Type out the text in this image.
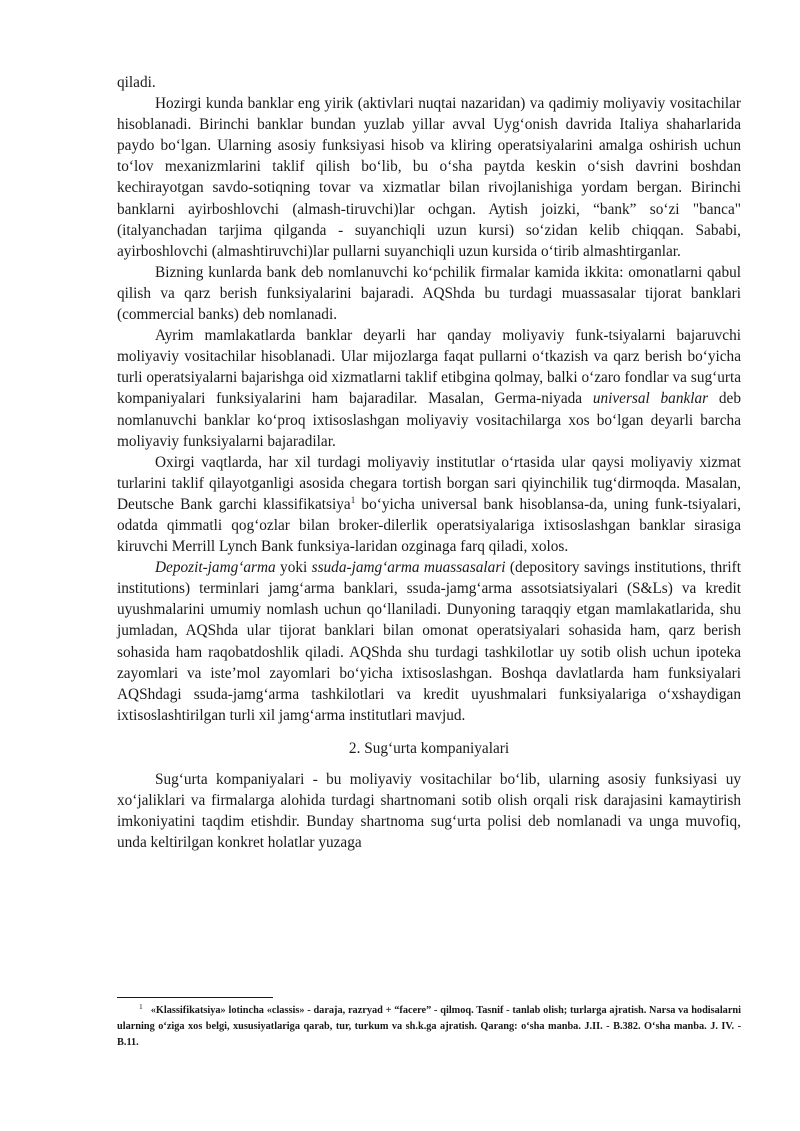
qiladi.

Hozirgi kunda banklar eng yirik (aktivlari nuqtai nazaridan) va qadimiy moliyaviy vositachilar hisoblanadi. Birinchi banklar bundan yuzlab yillar avval Uygʻonish davrida Italiya shaharlarida paydo boʻlgan. Ularning asosiy funksiyasi hisob va kliring operatsiyalarini amalga oshirish uchun toʻlov mexanizmlarini taklif qilish boʻlib, bu oʻsha paytda keskin oʻsish davrini boshdan kechirayotgan savdo-sotiqning tovar va xizmatlar bilan rivojlanishiga yordam bergan. Birinchi banklarni ayirboshlovchi (almash-tiruvchi)lar ochgan. Aytish joizki, “bank” soʻzi "banca" (italyanchadan tarjima qilganda - suyanchiqli uzun kursi) soʻzidan kelib chiqqan. Sababi, ayirboshlovchi (almashtiruvchi)lar pullarni suyanchiqli uzun kursida oʻtirib almashtirganlar.

Bizning kunlarda bank deb nomlanuvchi koʻpchilik firmalar kamida ikkita: omonatlarni qabul qilish va qarz berish funksiyalarini bajaradi. AQShda bu turdagi muassasalar tijorat banklari (commercial banks) deb nomlanadi.

Ayrim mamlakatlarda banklar deyarli har qanday moliyaviy funk-tsiyalarni bajaruvchi moliyaviy vositachilar hisoblanadi. Ular mijozlarga faqat pullarni oʻtkazish va qarz berish boʻyicha turli operatsiyalarni bajarishga oid xizmatlarni taklif etibgina qolmay, balki oʻzaro fondlar va sugʻurta kompaniyalari funksiyalarini ham bajaradilar. Masalan, Germa-niyada universal banklar deb nomlanuvchi banklar koʻproq ixtisoslashgan moliyaviy vositachilarga xos boʻlgan deyarli barcha moliyaviy funksiyalarni bajaradilar.

Oxirgi vaqtlarda, har xil turdagi moliyaviy institutlar oʻrtasida ular qaysi moliyaviy xizmat turlarini taklif qilayotganligi asosida chegara tortish borgan sari qiyinchilik tugʻdirmoqda. Masalan, Deutsche Bank garchi klassifikatsiya$^1$ boʻyicha universal bank hisoblansa-da, uning funk-tsiyalari, odatda qimmatli qogʻozlar bilan broker-dilerlik operatsiyalariga ixtisoslashgan banklar sirasiga kiruvchi Merrill Lynch Bank funksiya-laridan ozginaga farq qiladi, xolos.

Depozit-jamgʻarma yoki ssuda-jamgʻarma muassasalari (depository savings institutions, thrift institutions) terminlari jamgʻarma banklari, ssuda-jamgʻarma assotsiatsiyalari (S&Ls) va kredit uyushmalarini umumiy nomlash uchun qoʻllaniladi. Dunyoning taraqqiy etgan mamlakatlarida, shu jumladan, AQShda ular tijorat banklari bilan omonat operatsiyalari sohasida ham, qarz berish sohasida ham raqobatdoshlik qiladi. AQShda shu turdagi tashkilotlar uy sotib olish uchun ipoteka zayomlari va isteʼmol zayomlari boʻyicha ixtisoslashgan. Boshqa davlatlarda ham funksiyalari AQShdagi ssuda-jamgʻarma tashkilotlari va kredit uyushmalari funksiyalariga oʻxshaydigan ixtisoslashtirilgan turli xil jamgʻarma institutlari mavjud.

2. Sugʻurta kompaniyalari

Sugʻurta kompaniyalari - bu moliyaviy vositachilar boʻlib, ularning asosiy funksiyasi uy xoʻjaliklari va firmalarga alohida turdagi shartnomani sotib olish orqali risk darajasini kamaytirish imkoniyatini taqdim etishdir. Bunday shartnoma sugʻurta polisi deb nomlanadi va unga muvofiq, unda keltirilgan konkret holatlar yuzaga

$^1$ «Klassifikatsiya» lotincha «classis» - daraja, razryad + “facere” - qilmoq. Tasnif - tanlab olish; turlarga ajratish. Narsa va hodisalarni ularning oʻziga xos belgi, xususiyatlariga qarab, tur, turkum va sh.k.ga ajratish. Qarang: oʻsha manba. J.II. - B.382. Oʻsha manba. J. IV. -B.11.
